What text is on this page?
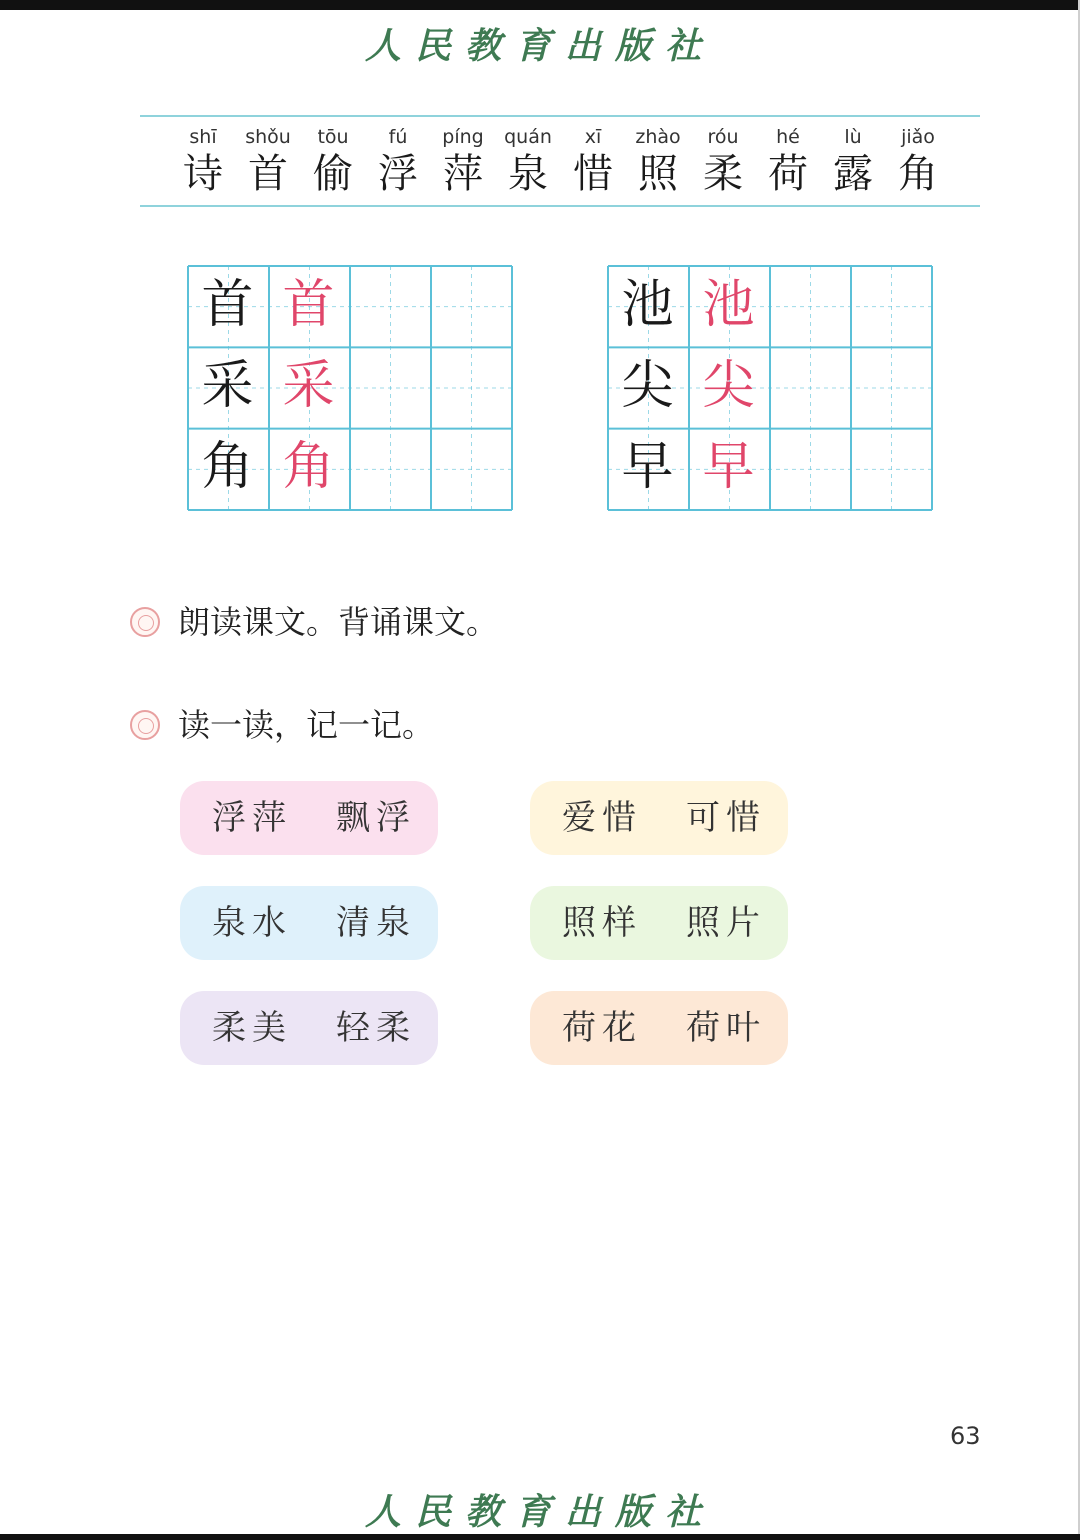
人民教育出版社
shī
诗
shǒu
首
tōu
偷
fú
浮
píng
萍
quán
泉
xī
惜
zhào
照
róu
柔
hé
荷
lù
露
jiǎo
角
首 首
采 采
角 角
池 池
尖 尖
早 早
朗读课文。背诵课文。
读一读，记一记。
浮萍 飘浮	爱惜 可惜
泉水 清泉	照样 照片
柔美 轻柔	荷花 荷叶
63
人民教育出版社
